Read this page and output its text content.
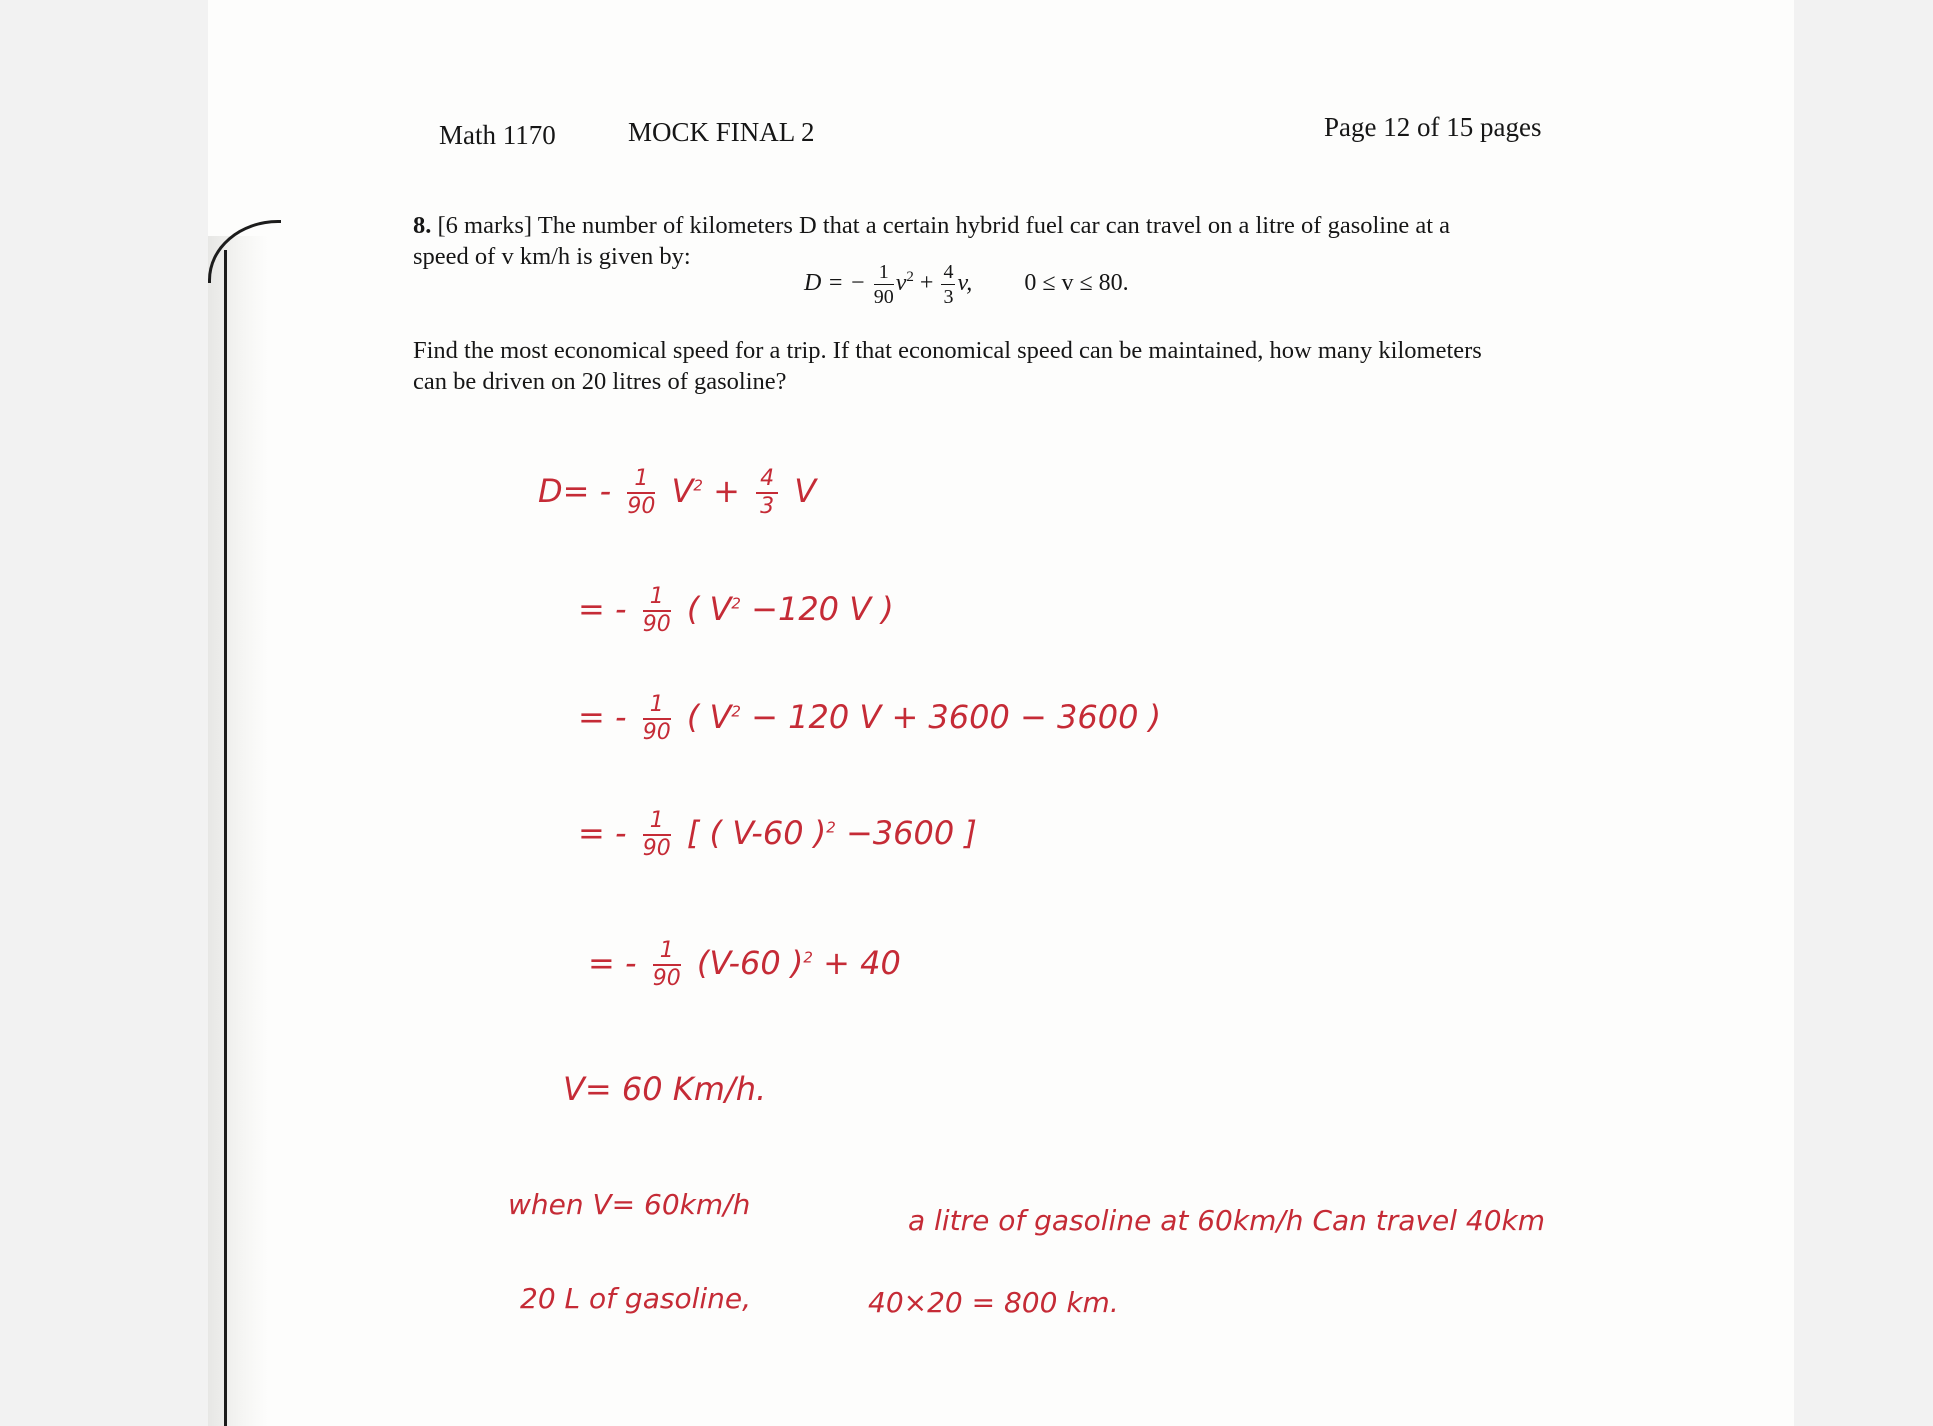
Math 1170	MOCK FINAL 2	Page 12 of 15 pages
8. [6 marks] The number of kilometers D that a certain hybrid fuel car can travel on a litre of gasoline at a
speed of v km/h is given by:
D = − $\frac{1}{90} v^2 + \frac{4}{3} v$, 0 ≤ v ≤ 80.
Find the most economical speed for a trip. If that economical speed can be maintained, how many kilometers
can be driven on 20 litres of gasoline?
$D= - \frac{1}{90} V^2 + \frac{4}{3}$ V
= - $\frac{1}{90}$ ( $V^2 -120$ V )
= - $\frac{1}{90}$ ( $V^2 - 120$ V + 3600 − 3600 )
= - $\frac{1}{90}$ [ ( V-60 )$^2$ −3600 ]
= - $\frac{1}{90} (V-60$ )$^2$ + 40
V= 60 Km/h.
when V= 60km/h	a litre of gasoline at 60km/h Can travel 40km
20 L of gasoline,	40×20 = 800 km.
